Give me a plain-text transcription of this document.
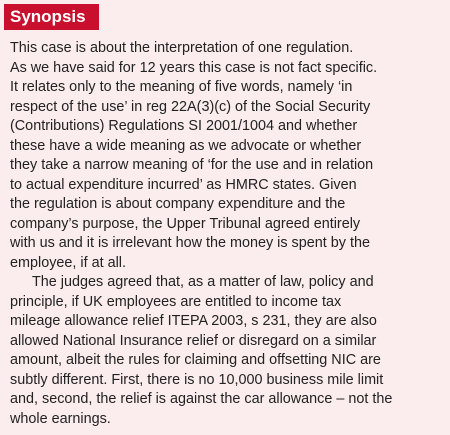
Synopsis

This case is about the interpretation of one regulation.

As we have said for 12 years this case is not fact specific.

It relates only to the meaning of five words, namely ‘in

respect of the use’ in reg 22A(3)(c) of the Social Security

(Contributions) Regulations SI 2001/1004 and whether

these have a wide meaning as we advocate or whether

they take a narrow meaning of ‘for the use and in relation

to actual expenditure incurred’ as HMRC states. Given

the regulation is about company expenditure and the

company’s purpose, the Upper Tribunal agreed entirely

with us and it is irrelevant how the money is spent by the

employee, if at all.

The judges agreed that, as a matter of law, policy and

principle, if UK employees are entitled to income tax

mileage allowance relief ITEPA 2003, s 231, they are also

allowed National Insurance relief or disregard on a similar

amount, albeit the rules for claiming and offsetting NIC are

subtly different. First, there is no 10,000 business mile limit

and, second, the relief is against the car allowance – not the

whole earnings.
